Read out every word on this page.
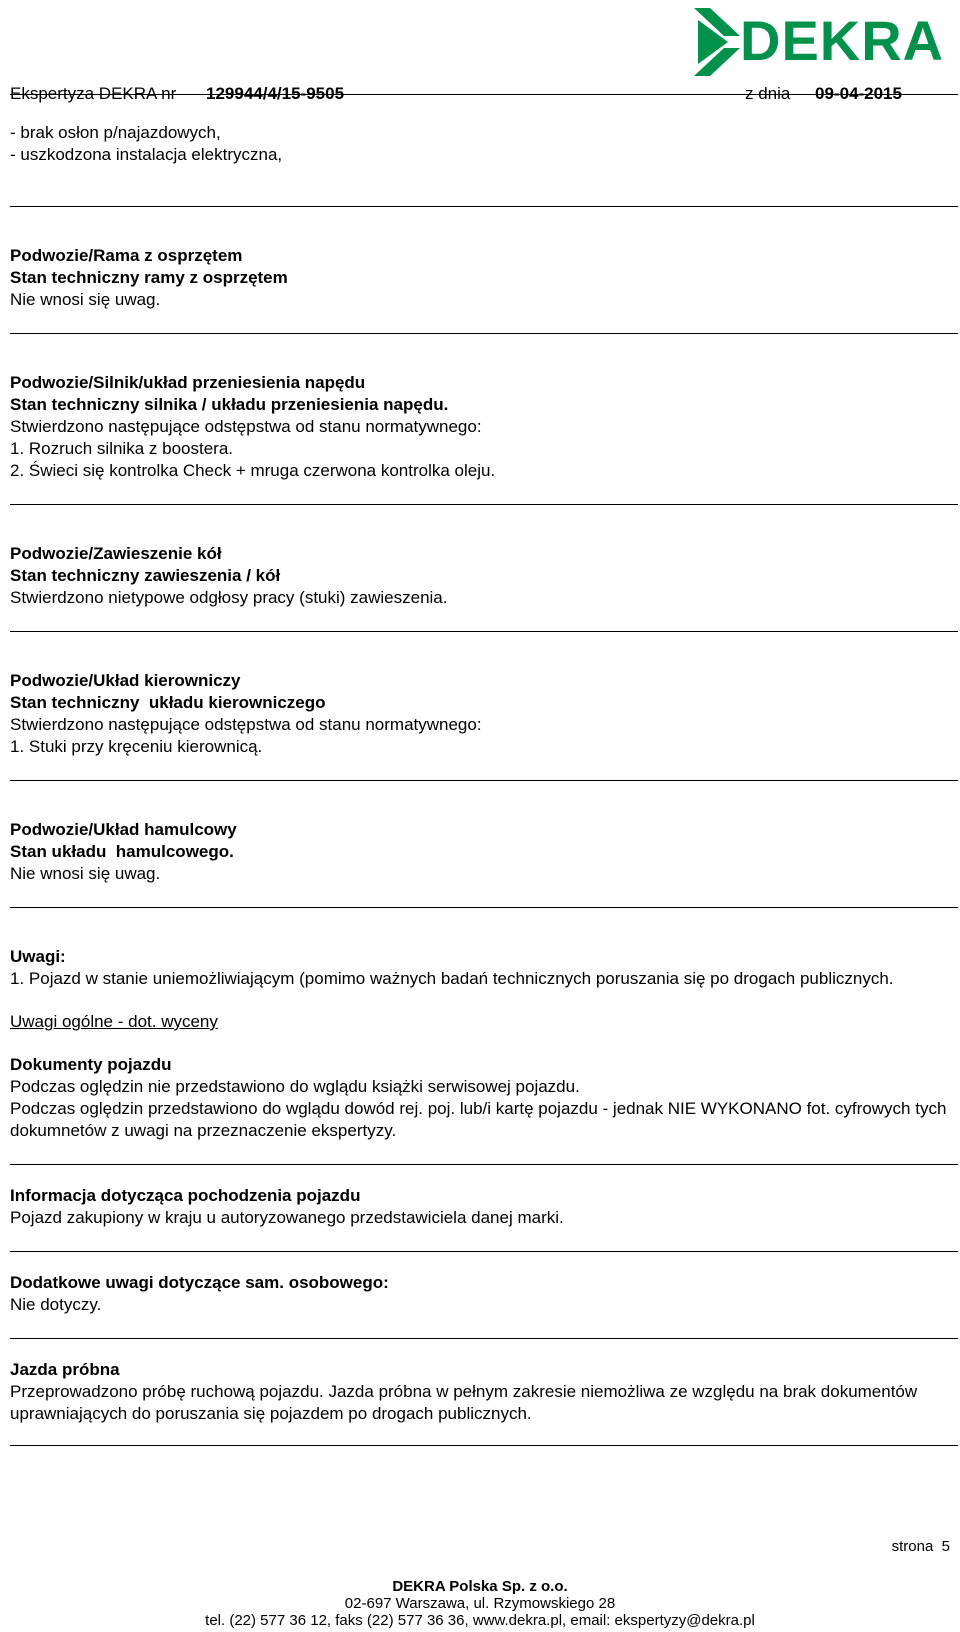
DEKRA
Ekspertyza DEKRA nr 129944/4/15-9505	z dnia 09-04-2015

- brak osłon p/najazdowych,

- uszkodzona instalacja elektryczna,

Podwozie/Rama z osprzętem

Stan techniczny ramy z osprzętem

Nie wnosi się uwag.

Podwozie/Silnik/układ przeniesienia napędu

Stan techniczny silnika / układu przeniesienia napędu.

Stwierdzono następujące odstępstwa od stanu normatywnego:

1. Rozruch silnika z boostera.

2. Świeci się kontrolka Check + mruga czerwona kontrolka oleju.

Podwozie/Zawieszenie kół

Stan techniczny zawieszenia / kół

Stwierdzono nietypowe odgłosy pracy (stuki) zawieszenia.

Podwozie/Układ kierowniczy

Stan techniczny  układu kierowniczego

Stwierdzono następujące odstępstwa od stanu normatywnego:

1. Stuki przy kręceniu kierownicą.

Podwozie/Układ hamulcowy

Stan układu  hamulcowego.

Nie wnosi się uwag.

Uwagi:

1. Pojazd w stanie uniemożliwiającym (pomimo ważnych badań technicznych poruszania się po drogach publicznych.

Uwagi ogólne - dot. wyceny

Dokumenty pojazdu

Podczas oględzin nie przedstawiono do wglądu książki serwisowej pojazdu.

Podczas oględzin przedstawiono do wglądu dowód rej. poj. lub/i kartę pojazdu - jednak NIE WYKONANO fot. cyfrowych tych dokumnetów z uwagi na przeznaczenie ekspertyzy.

Informacja dotycząca pochodzenia pojazdu

Pojazd zakupiony w kraju u autoryzowanego przedstawiciela danej marki.

Dodatkowe uwagi dotyczące sam. osobowego:

Nie dotyczy.

Jazda próbna

Przeprowadzono próbę ruchową pojazdu. Jazda próbna w pełnym zakresie niemożliwa ze względu na brak dokumentów uprawniających do poruszania się pojazdem po drogach publicznych.

strona 5
DEKRA Polska Sp. z o.o.
02-697 Warszawa, ul. Rzymowskiego 28
tel. (22) 577 36 12, faks (22) 577 36 36, www.dekra.pl, email: ekspertyzy@dekra.pl
